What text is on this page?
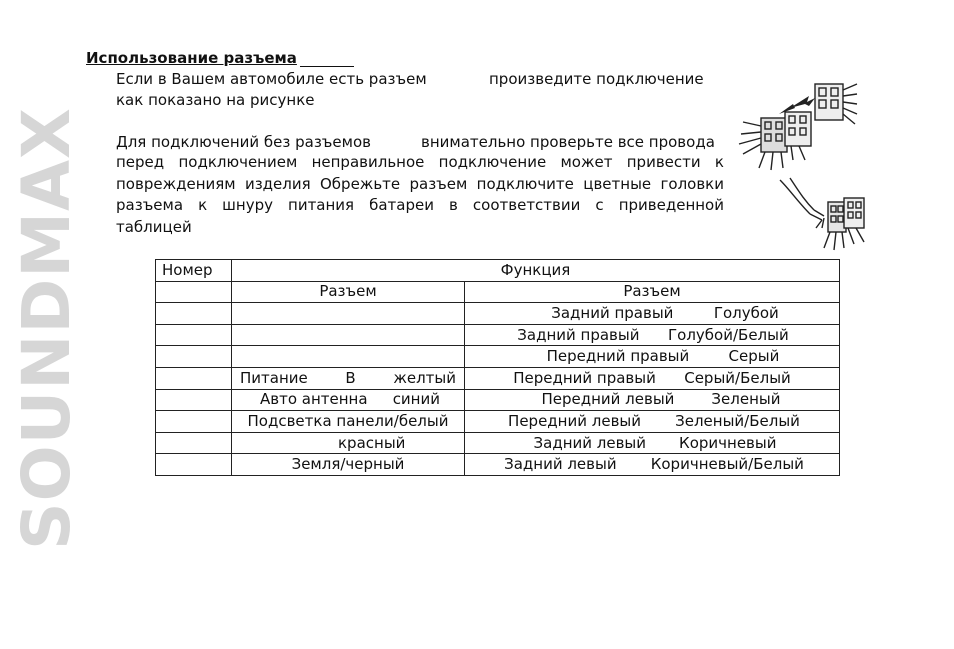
SOUNDMAX

Использование разъема

Если в Вашем автомобиле есть разъем	произведите подключение

как показано на рисунке

Для подключений без разъемов	внимательно проверьте все провода

перед подключением неправильное подключение может привести к

повреждениям изделия Обрежьте разъем подключите цветные головки

разъема к шнуру питания батареи в соответствии с приведенной

таблицей

Номер	Функция	
	Разъем	Разъем

		Задний правый Голубой

		Задний правый Голубой/Белый

		Передний правый Серый

	Питание В желтый	Передний правый Серый/Белый

	Авто антенна синий	Передний левый Зеленый

	Подсветка панели/белый	Передний левый Зеленый/Белый

	красный	Задний левый Коричневый

	Земля/черный	Задний левый Коричневый/Белый
